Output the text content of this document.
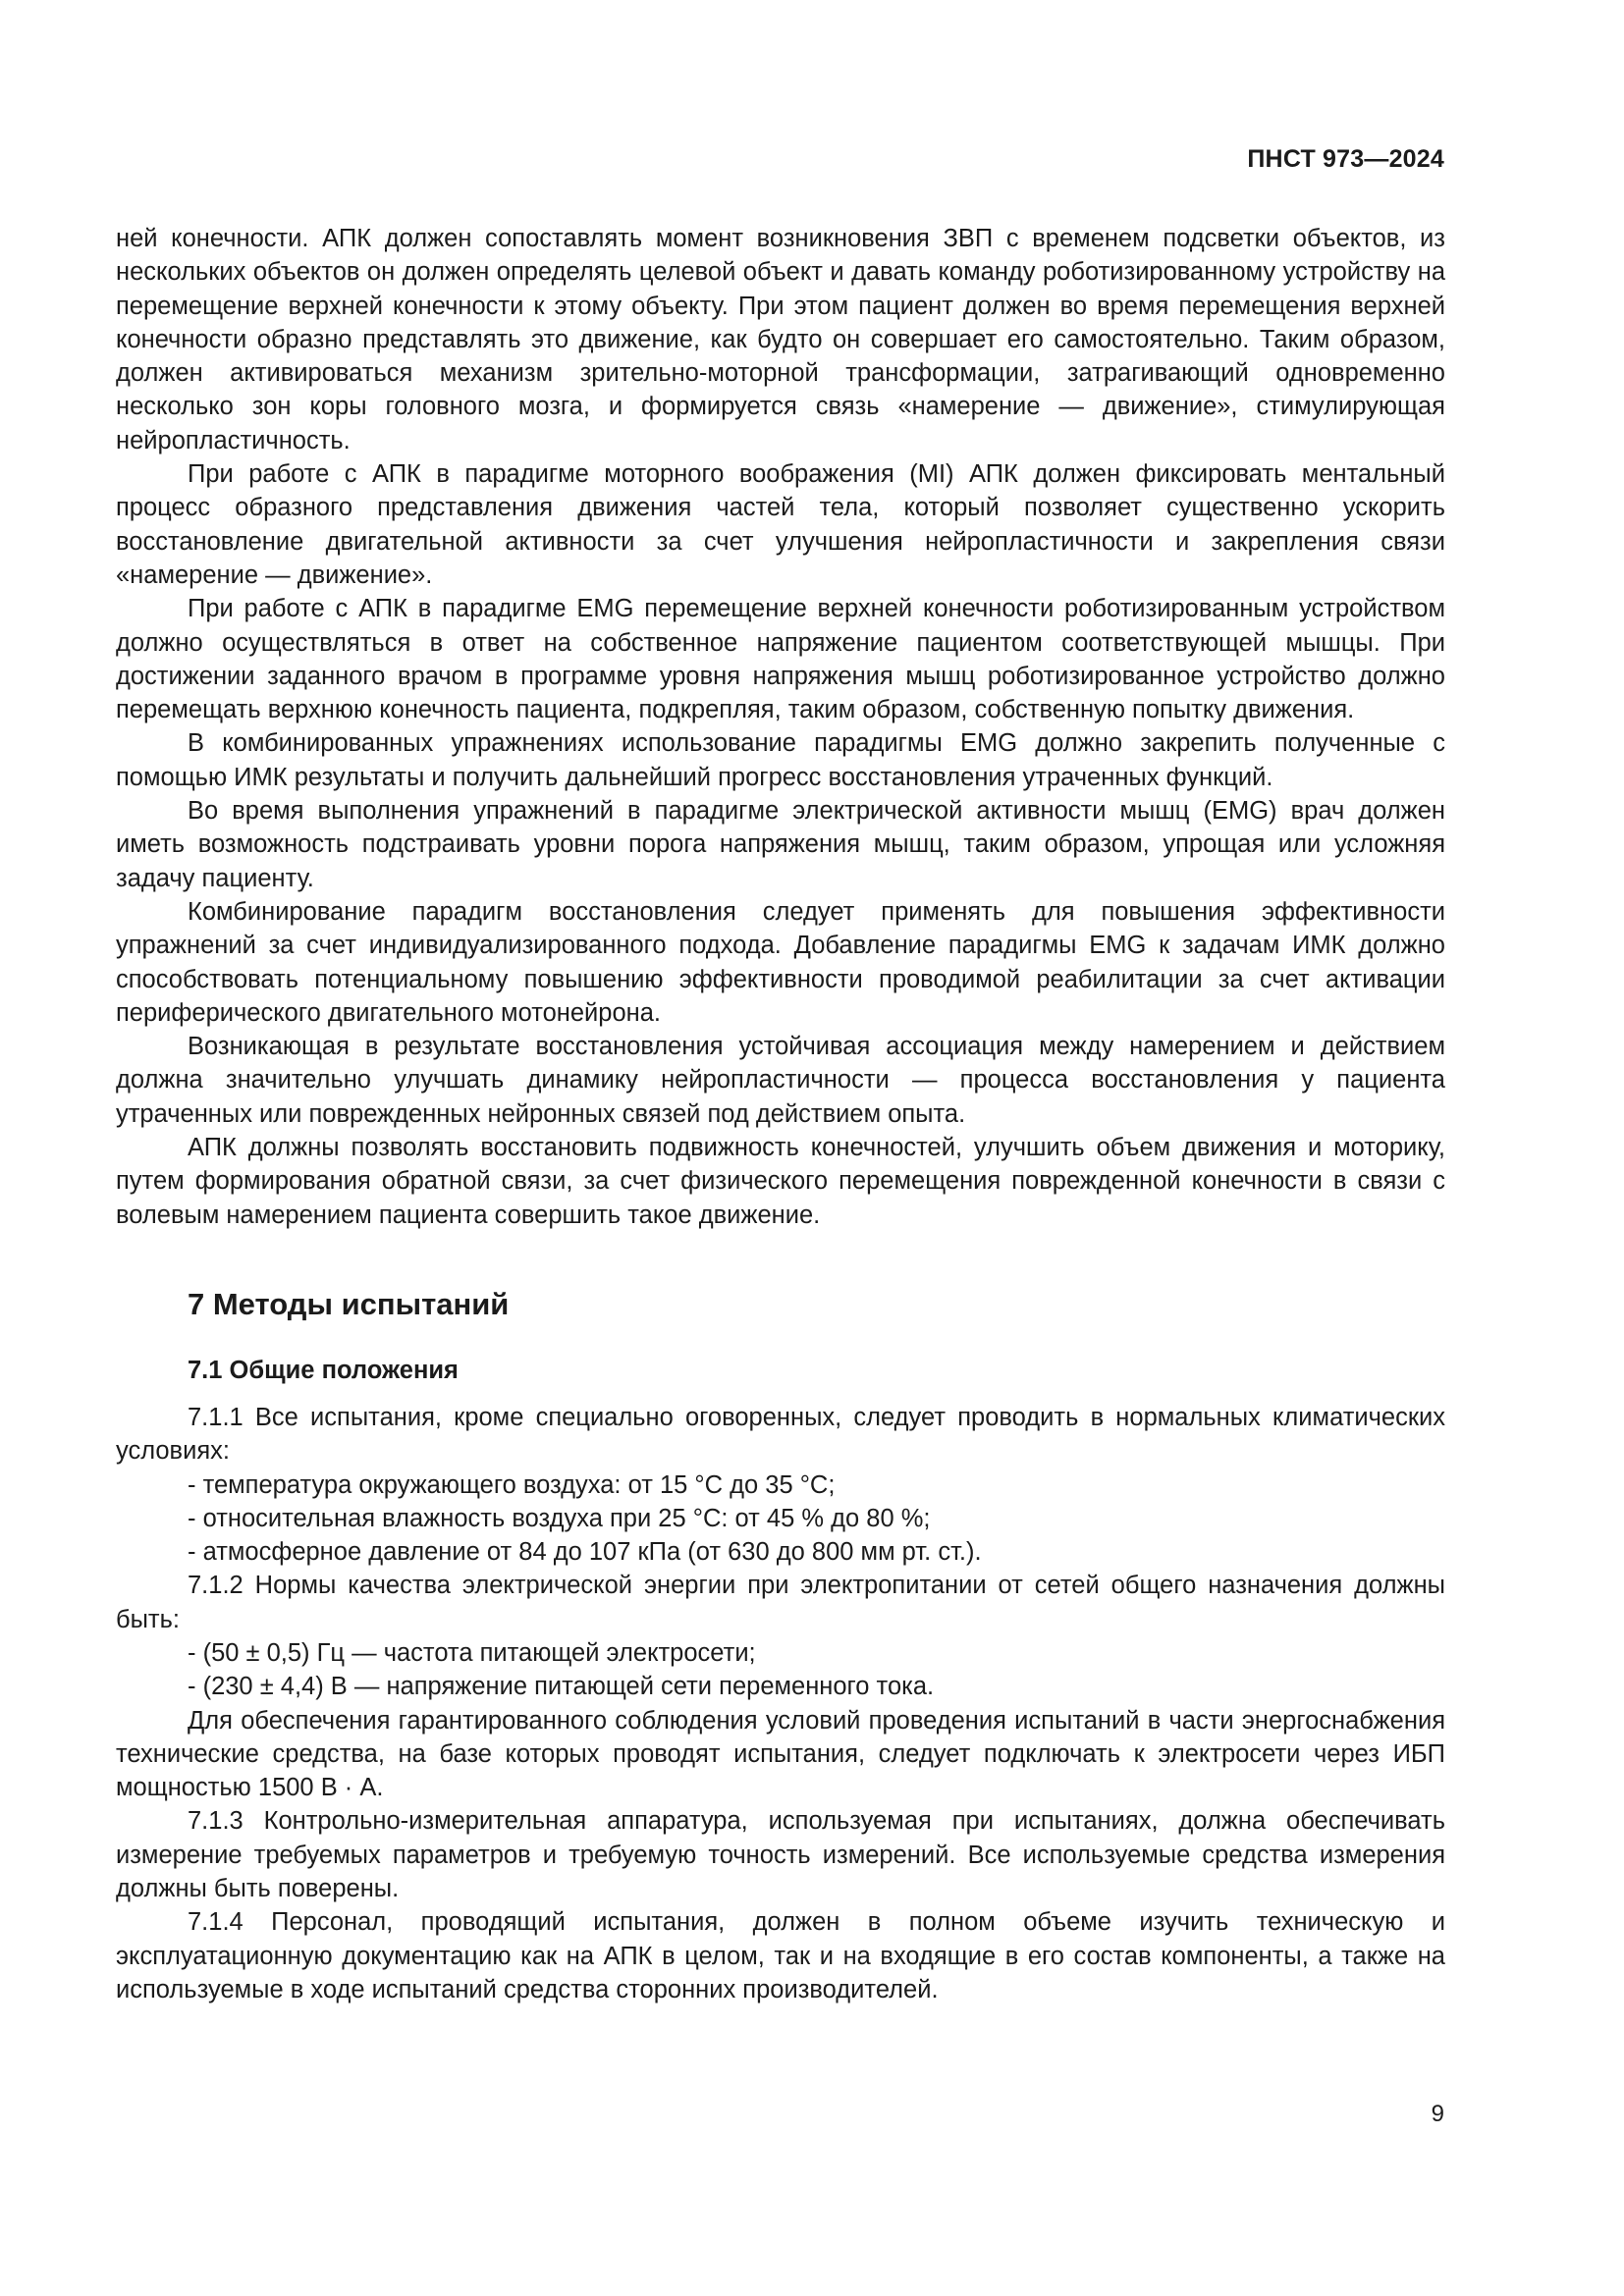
ПНСТ 973—2024

ней конечности. АПК должен сопоставлять момент возникновения ЗВП с временем подсветки объектов, из нескольких объектов он должен определять целевой объект и давать команду роботизированному устройству на перемещение верхней конечности к этому объекту. При этом пациент должен во время перемещения верхней конечности образно представлять это движение, как будто он совершает его самостоятельно. Таким образом, должен активироваться механизм зрительно-моторной трансформации, затрагивающий одновременно несколько зон коры головного мозга, и формируется связь «намерение — движение», стимулирующая нейропластичность.

При работе с АПК в парадигме моторного воображения (MI) АПК должен фиксировать ментальный процесс образного представления движения частей тела, который позволяет существенно ускорить восстановление двигательной активности за счет улучшения нейропластичности и закрепления связи «намерение — движение».

При работе с АПК в парадигме EMG перемещение верхней конечности роботизированным устройством должно осуществляться в ответ на собственное напряжение пациентом соответствующей мышцы. При достижении заданного врачом в программе уровня напряжения мышц роботизированное устройство должно перемещать верхнюю конечность пациента, подкрепляя, таким образом, собственную попытку движения.

В комбинированных упражнениях использование парадигмы EMG должно закрепить полученные с помощью ИМК результаты и получить дальнейший прогресс восстановления утраченных функций.

Во время выполнения упражнений в парадигме электрической активности мышц (EMG) врач должен иметь возможность подстраивать уровни порога напряжения мышц, таким образом, упрощая или усложняя задачу пациенту.

Комбинирование парадигм восстановления следует применять для повышения эффективности упражнений за счет индивидуализированного подхода. Добавление парадигмы EMG к задачам ИМК должно способствовать потенциальному повышению эффективности проводимой реабилитации за счет активации периферического двигательного мотонейрона.

Возникающая в результате восстановления устойчивая ассоциация между намерением и действием должна значительно улучшать динамику нейропластичности — процесса восстановления у пациента утраченных или поврежденных нейронных связей под действием опыта.

АПК должны позволять восстановить подвижность конечностей, улучшить объем движения и моторику, путем формирования обратной связи, за счет физического перемещения поврежденной конечности в связи с волевым намерением пациента совершить такое движение.

7 Методы испытаний
7.1 Общие положения

7.1.1 Все испытания, кроме специально оговоренных, следует проводить в нормальных климатических условиях:

- температура окружающего воздуха: от 15 °С до 35 °С;

- относительная влажность воздуха при 25 °С: от 45 % до 80 %;

- атмосферное давление от 84 до 107 кПа (от 630 до 800 мм рт. ст.).

7.1.2 Нормы качества электрической энергии при электропитании от сетей общего назначения должны быть:

- (50 ± 0,5) Гц — частота питающей электросети;

- (230 ± 4,4) В — напряжение питающей сети переменного тока.

Для обеспечения гарантированного соблюдения условий проведения испытаний в части энергоснабжения технические средства, на базе которых проводят испытания, следует подключать к электросети через ИБП мощностью 1500 В · А.

7.1.3 Контрольно-измерительная аппаратура, используемая при испытаниях, должна обеспечивать измерение требуемых параметров и требуемую точность измерений. Все используемые средства измерения должны быть поверены.

7.1.4 Персонал, проводящий испытания, должен в полном объеме изучить техническую и эксплуатационную документацию как на АПК в целом, так и на входящие в его состав компоненты, а также на используемые в ходе испытаний средства сторонних производителей.

9
